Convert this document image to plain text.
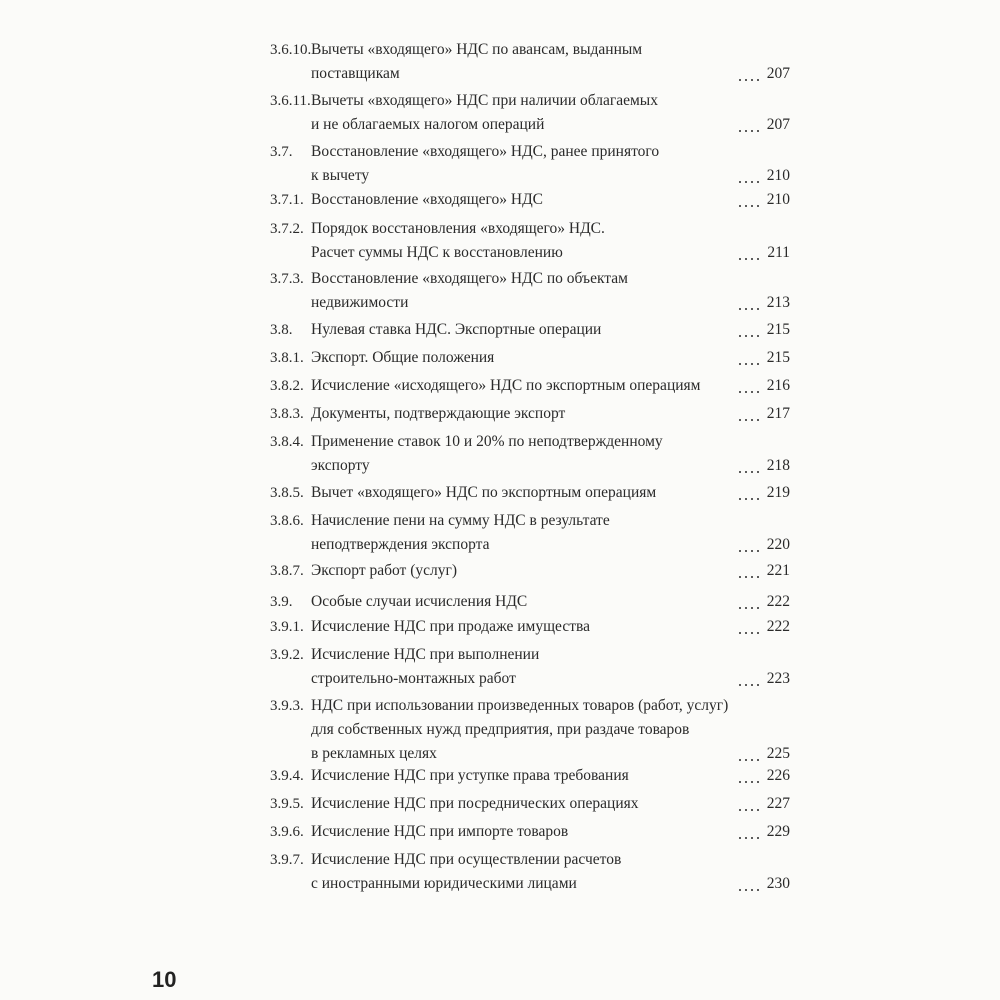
3.6.10. Вычеты «входящего» НДС по авансам, выданным
поставщикам	207
3.6.11. Вычеты «входящего» НДС при наличии облагаемых
и не облагаемых налогом операций	207
3.7. Восстановление «входящего» НДС, ранее принятого
к вычету	210
3.7.1. Восстановление «входящего» НДС	210
3.7.2. Порядок восстановления «входящего» НДС.
Расчет суммы НДС к восстановлению	211
3.7.3. Восстановление «входящего» НДС по объектам
недвижимости	213
3.8. Нулевая ставка НДС. Экспортные операции	215
3.8.1. Экспорт. Общие положения	215
3.8.2. Исчисление «исходящего» НДС по экспортным операциям	216
3.8.3. Документы, подтверждающие экспорт	217
3.8.4. Применение ставок 10 и 20% по неподтвержденному
экспорту	218
3.8.5. Вычет «входящего» НДС по экспортным операциям	219
3.8.6. Начисление пени на сумму НДС в результате
неподтверждения экспорта	220
3.8.7. Экспорт работ (услуг)	221
3.9. Особые случаи исчисления НДС	222
3.9.1. Исчисление НДС при продаже имущества	222
3.9.2. Исчисление НДС при выполнении
строительно-монтажных работ	223
3.9.3. НДС при использовании произведенных товаров (работ, услуг)
для собственных нужд предприятия, при раздаче товаров
в рекламных целях	225
3.9.4. Исчисление НДС при уступке права требования	226
3.9.5. Исчисление НДС при посреднических операциях	227
3.9.6. Исчисление НДС при импорте товаров	229
3.9.7. Исчисление НДС при осуществлении расчетов
с иностранными юридическими лицами	230
10
